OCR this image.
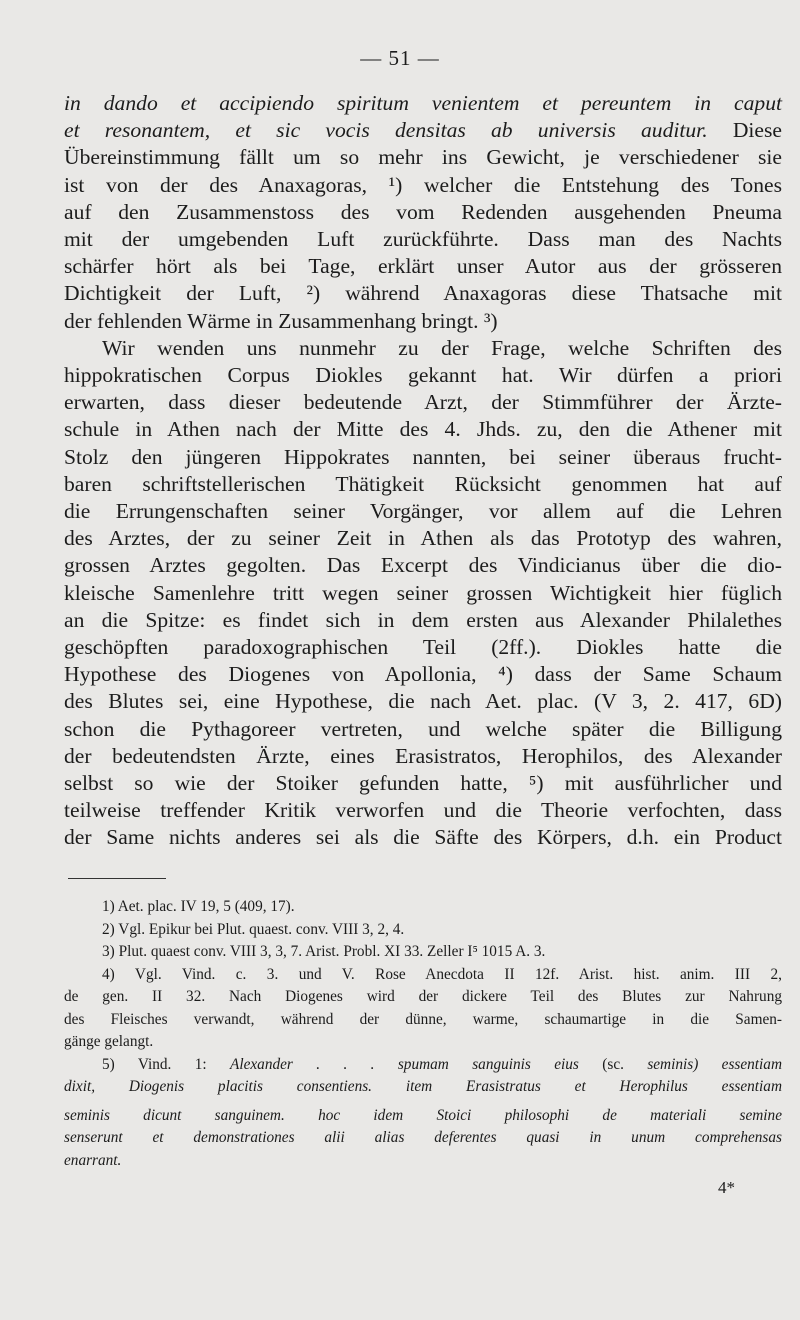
— 51 —
in dando et accipiendo spiritum venientem et pereuntem in caput
et resonantem, et sic vocis densitas ab universis auditur. Diese
Übereinstimmung fällt um so mehr ins Gewicht, je verschiedener sie
ist von der des Anaxagoras, ¹) welcher die Entstehung des Tones
auf den Zusammenstoss des vom Redenden ausgehenden Pneuma
mit der umgebenden Luft zurückführte. Dass man des Nachts
schärfer hört als bei Tage, erklärt unser Autor aus der grösseren
Dichtigkeit der Luft, ²) während Anaxagoras diese Thatsache mit
der fehlenden Wärme in Zusammenhang bringt. ³)
Wir wenden uns nunmehr zu der Frage, welche Schriften des
hippokratischen Corpus Diokles gekannt hat. Wir dürfen a priori
erwarten, dass dieser bedeutende Arzt, der Stimmführer der Ärzte-
schule in Athen nach der Mitte des 4. Jhds. zu, den die Athener mit
Stolz den jüngeren Hippokrates nannten, bei seiner überaus frucht-
baren schriftstellerischen Thätigkeit Rücksicht genommen hat auf
die Errungenschaften seiner Vorgänger, vor allem auf die Lehren
des Arztes, der zu seiner Zeit in Athen als das Prototyp des wahren,
grossen Arztes gegolten. Das Excerpt des Vindicianus über die dio-
kleische Samenlehre tritt wegen seiner grossen Wichtigkeit hier füglich
an die Spitze: es findet sich in dem ersten aus Alexander Philalethes
geschöpften paradoxographischen Teil (2ff.). Diokles hatte die
Hypothese des Diogenes von Apollonia, ⁴) dass der Same Schaum
des Blutes sei, eine Hypothese, die nach Aet. plac. (V 3, 2. 417, 6D)
schon die Pythagoreer vertreten, und welche später die Billigung
der bedeutendsten Ärzte, eines Erasistratos, Herophilos, des Alexander
selbst so wie der Stoiker gefunden hatte, ⁵) mit ausführlicher und
teilweise treffender Kritik verworfen und die Theorie verfochten, dass
der Same nichts anderes sei als die Säfte des Körpers, d.h. ein Product
1) Aet. plac. IV 19, 5 (409, 17).
2) Vgl. Epikur bei Plut. quaest. conv. VIII 3, 2, 4.
3) Plut. quaest conv. VIII 3, 3, 7. Arist. Probl. XI 33. Zeller I⁵ 1015 A. 3.
4) Vgl. Vind. c. 3. und V. Rose Anecdota II 12f. Arist. hist. anim. III 2,
de gen. II 32. Nach Diogenes wird der dickere Teil des Blutes zur Nahrung
des Fleisches verwandt, während der dünne, warme, schaumartige in die Samen-
gänge gelangt.
5) Vind. 1: Alexander . . . spumam sanguinis eius (sc. seminis) essentiam
dixit, Diogenis placitis consentiens. item Erasistratus et Herophilus essentiam
seminis dicunt sanguinem. hoc idem Stoici philosophi de materiali semine
senserunt et demonstrationes alii alias deferentes quasi in unum comprehensas
enarrant.
4*
